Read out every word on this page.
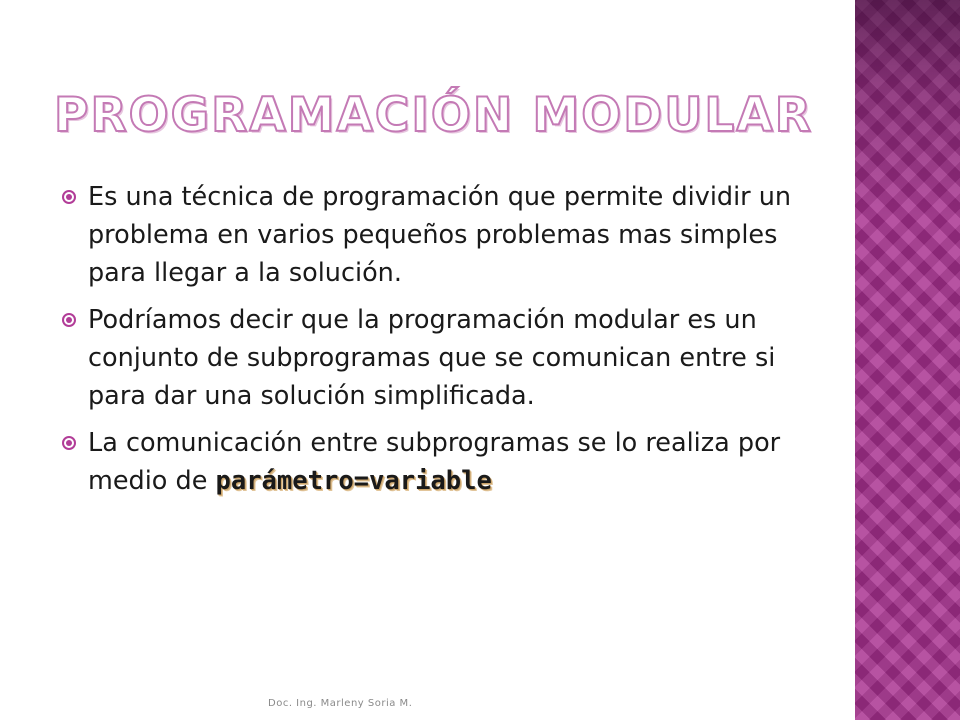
PROGRAMACIÓN MODULAR
Es una técnica de programación que permite dividir un problema en varios pequeños problemas mas simples para llegar a la solución.
Podríamos decir que la programación modular es un conjunto de subprogramas que se comunican entre si para dar una solución simplificada.
La comunicación entre subprogramas se lo realiza por medio de parámetro=variable
Doc. Ing. Marleny Soria M.
